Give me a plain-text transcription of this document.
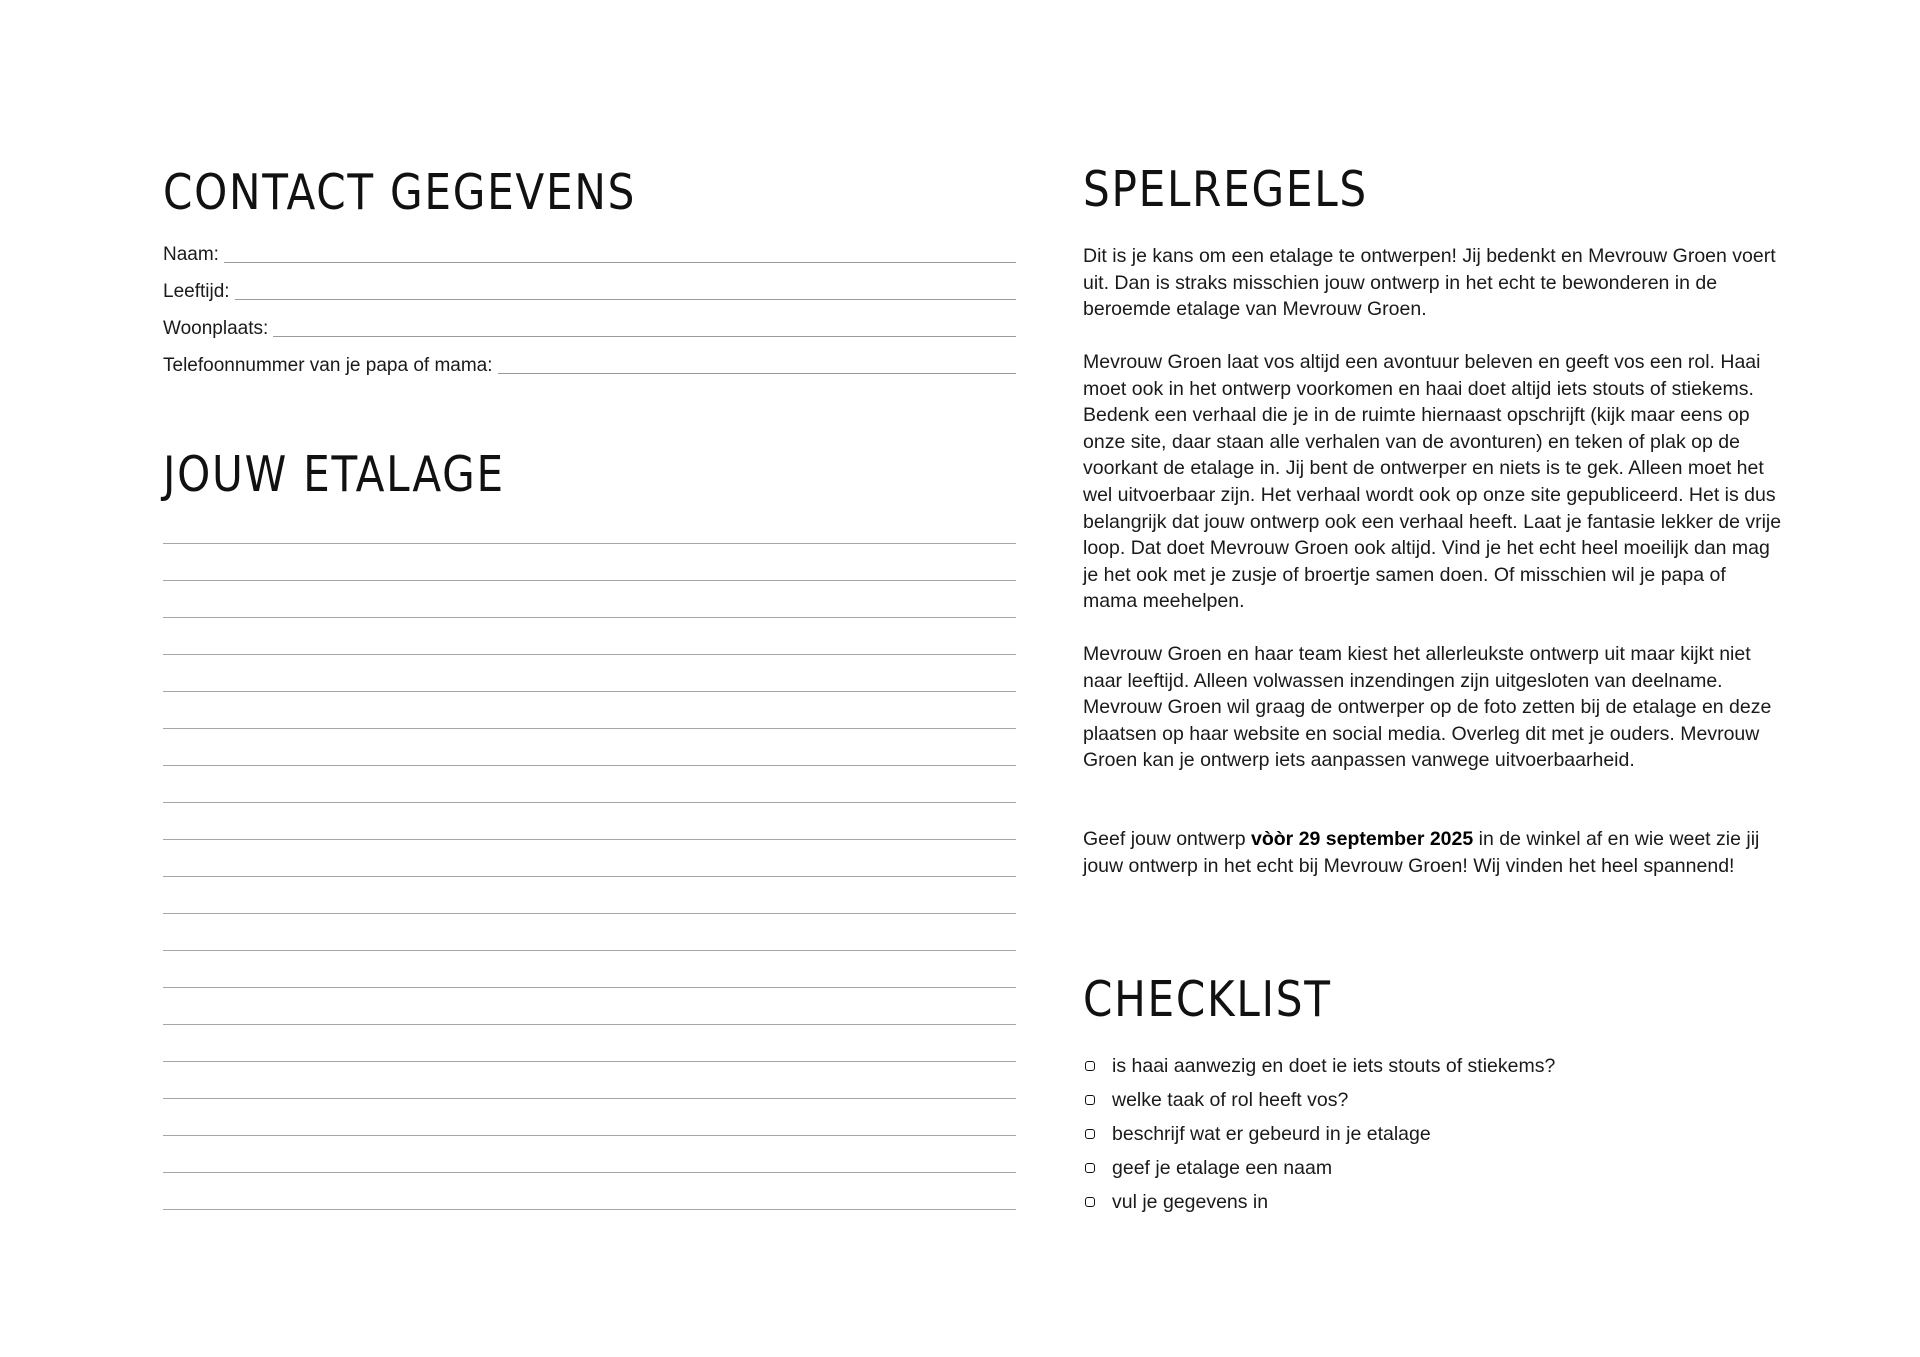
CONTACT GEGEVENS
Naam:
Leeftijd:
Woonplaats:
Telefoonnummer van je papa of mama:
JOUW ETALAGE
SPELREGELS

Dit is je kans om een etalage te ontwerpen! Jij bedenkt en Mevrouw Groen voert uit. Dan is straks misschien jouw ontwerp in het echt te bewonderen in de beroemde etalage van Mevrouw Groen.

Mevrouw Groen laat vos altijd een avontuur beleven en geeft vos een rol. Haai moet ook in het ontwerp voorkomen en haai doet altijd iets stouts of stiekems. Bedenk een verhaal die je in de ruimte hiernaast opschrijft (kijk maar eens op onze site, daar staan alle verhalen van de avonturen) en teken of plak op de voorkant de etalage in. Jij bent de ontwerper en niets is te gek. Alleen moet het wel uitvoerbaar zijn. Het verhaal wordt ook op onze site gepubliceerd. Het is dus belangrijk dat jouw ontwerp ook een verhaal heeft. Laat je fantasie lekker de vrije loop. Dat doet Mevrouw Groen ook altijd. Vind je het echt heel moeilijk dan mag je het ook met je zusje of broertje samen doen. Of misschien wil je papa of mama meehelpen.

Mevrouw Groen en haar team kiest het allerleukste ontwerp uit maar kijkt niet naar leeftijd. Alleen volwassen inzendingen zijn uitgesloten van deelname. Mevrouw Groen wil graag de ontwerper op de foto zetten bij de etalage en deze plaatsen op haar website en social media. Overleg dit met je ouders. Mevrouw Groen kan je ontwerp iets aanpassen vanwege uitvoerbaarheid.

Geef jouw ontwerp vòòr 29 september 2025 in de winkel af en wie weet zie jij jouw ontwerp in het echt bij Mevrouw Groen! Wij vinden het heel spannend!

CHECKLIST
is haai aanwezig en doet ie iets stouts of stiekems?
welke taak of rol heeft vos?
beschrijf wat er gebeurd in je etalage
geef je etalage een naam
vul je gegevens in
